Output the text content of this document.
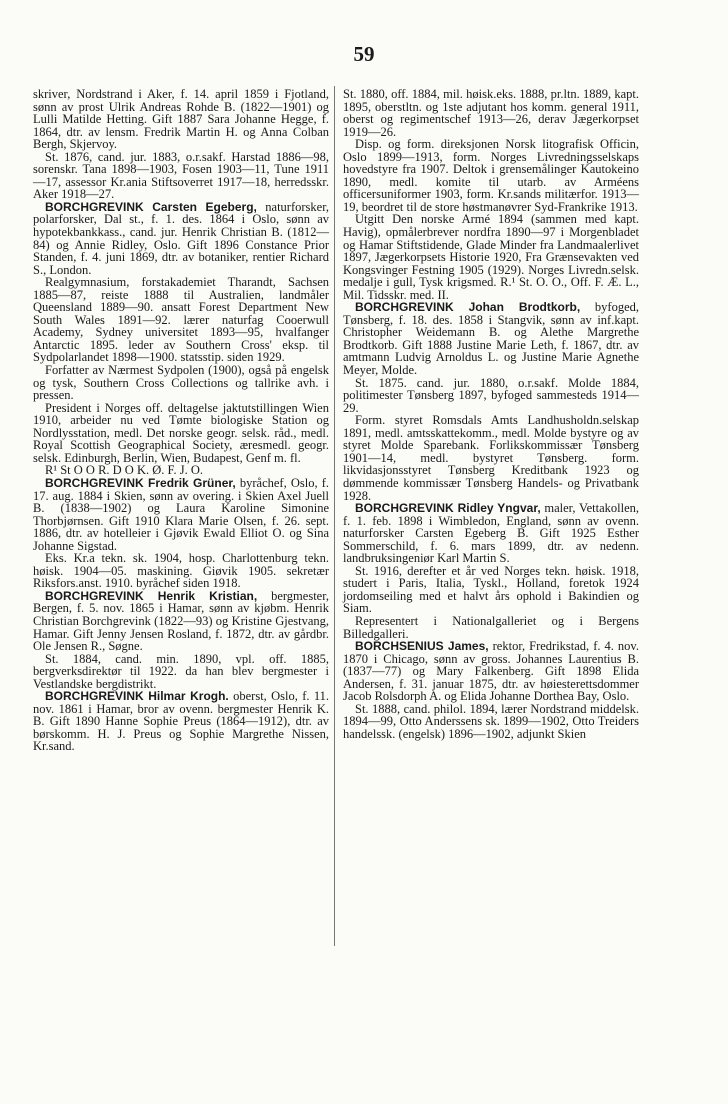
59

skriver, Nordstrand i Aker, f. 14. april 1859 i Fjotland, sønn av prost Ulrik Andreas Rohde B. (1822—1901) og Lulli Matilde Hetting. Gift 1887 Sara Johanne Hegge, f. 1864, dtr. av lensm. Fredrik Martin H. og Anna Colban Bergh, Skjervoy.

St. 1876, cand. jur. 1883, o.r.sakf. Harstad 1886—98, sorenskr. Tana 1898—1903, Fosen 1903—11, Tune 1911—17, assessor Kr.ania Stiftsoverret 1917—18, herredsskr. Aker 1918—27.

BORCHGREVINK Carsten Egeberg, naturforsker, polarforsker, Dal st., f. 1. des. 1864 i Oslo, sønn av hypotekbankkass., cand. jur. Henrik Christian B. (1812—84) og Annie Ridley, Oslo. Gift 1896 Constance Prior Standen, f. 4. juni 1869, dtr. av botaniker, rentier Richard S., London.

Realgymnasium, forstakademiet Tharandt, Sachsen 1885—87, reiste 1888 til Australien, landmåler Queensland 1889—90. ansatt Forest Department New South Wales 1891—92. lærer naturfag Cooerwull Academy, Sydney universitet 1893—95, hvalfanger Antarctic 1895. leder av Southern Cross' eksp. til Sydpolarlandet 1898—1900. statsstip. siden 1929.

Forfatter av Nærmest Sydpolen (1900), også på engelsk og tysk, Southern Cross Collections og tallrike avh. i pressen.

President i Norges off. deltagelse jaktutstillingen Wien 1910, arbeider nu ved Tømte biologiske Station og Nordlysstation, medl. Det norske geogr. selsk. råd., medl. Royal Scottish Geographical Society, æresmedl. geogr. selsk. Edinburgh, Berlin, Wien, Budapest, Genf m. fl.

R¹ St O O R. D O K. Ø. F. J. O.

BORCHGREVINK Fredrik Grüner, byråchef, Oslo, f. 17. aug. 1884 i Skien, sønn av overing. i Skien Axel Juell B. (1838—1902) og Laura Karoline Simonine Thorbjørnsen. Gift 1910 Klara Marie Olsen, f. 26. sept. 1886, dtr. av hotelleier i Gjøvik Ewald Elliot O. og Sina Johanne Sigstad.

Eks. Kr.a tekn. sk. 1904, hosp. Charlottenburg tekn. høisk. 1904—05. maskining. Giøvik 1905. sekretær Riksfors.anst. 1910. byråchef siden 1918.

BORCHGREVINK Henrik Kristian, bergmester, Bergen, f. 5. nov. 1865 i Hamar, sønn av kjøbm. Henrik Christian Borchgrevink (1822—93) og Kristine Gjestvang, Hamar. Gift Jenny Jensen Rosland, f. 1872, dtr. av gårdbr. Ole Jensen R., Søgne.

St. 1884, cand. min. 1890, vpl. off. 1885, bergverksdirektør til 1922. da han blev bergmester i Vestlandske bergdistrikt.

BORCHGREVINK Hilmar Krogh. oberst, Oslo, f. 11. nov. 1861 i Hamar, bror av ovenn. bergmester Henrik K. B. Gift 1890 Hanne Sophie Preus (1864—1912), dtr. av børskomm. H. J. Preus og Sophie Margrethe Nissen, Kr.sand.

St. 1880, off. 1884, mil. høisk.eks. 1888, pr.ltn. 1889, kapt. 1895, oberstltn. og 1ste adjutant hos komm. general 1911, oberst og regimentschef 1913—26, derav Jægerkorpset 1919—26.

Disp. og form. direksjonen Norsk litografisk Officin, Oslo 1899—1913, form. Norges Livredningsselskaps hovedstyre fra 1907. Deltok i grensemålinger Kautokeino 1890, medl. komite til utarb. av Arméens officersuniformer 1903, form. Kr.sands militærfor. 1913—19, beordret til de store høstmanøvrer Syd-Frankrike 1913.

Utgitt Den norske Armé 1894 (sammen med kapt. Havig), opmålerbrever nordfra 1890—97 i Morgenbladet og Hamar Stiftstidende, Glade Minder fra Landmaalerlivet 1897, Jægerkorpsets Historie 1920, Fra Grænsevakten ved Kongsvinger Festning 1905 (1929). Norges Livredn.selsk. medalje i gull, Tysk krigsmed. R.¹ St. O. O., Off. F. Æ. L., Mil. Tidsskr. med. II.

BORCHGREVINK Johan Brodtkorb, byfoged, Tønsberg, f. 18. des. 1858 i Stangvik, sønn av inf.kapt. Christopher Weidemann B. og Alethe Margrethe Brodtkorb. Gift 1888 Justine Marie Leth, f. 1867, dtr. av amtmann Ludvig Arnoldus L. og Justine Marie Agnethe Meyer, Molde.

St. 1875. cand. jur. 1880, o.r.sakf. Molde 1884, politimester Tønsberg 1897, byfoged sammesteds 1914—29.

Form. styret Romsdals Amts Landhusholdn.selskap 1891, medl. amtsskattekomm., medl. Molde bystyre og av styret Molde Sparebank. Forlikskommissær Tønsberg 1901—14, medl. bystyret Tønsberg. form. likvidasjonsstyret Tønsberg Kreditbank 1923 og dømmende kommissær Tønsberg Handels- og Privatbank 1928.

BORCHGREVINK Ridley Yngvar, maler, Vettakollen, f. 1. feb. 1898 i Wimbledon, England, sønn av ovenn. naturforsker Carsten Egeberg B. Gift 1925 Esther Sommerschild, f. 6. mars 1899, dtr. av nedenn. landbruksingeniør Karl Martin S.

St. 1916, derefter et år ved Norges tekn. høisk. 1918, studert i Paris, Italia, Tyskl., Holland, foretok 1924 jordomseiling med et halvt års ophold i Bakindien og Siam.

Representert i Nationalgalleriet og i Bergens Billedgalleri.

BORCHSENIUS James, rektor, Fredrikstad, f. 4. nov. 1870 i Chicago, sønn av gross. Johannes Laurentius B. (1837—77) og Mary Falkenberg. Gift 1898 Elida Andersen, f. 31. januar 1875, dtr. av høiesterettsdommer Jacob Rolsdorph A. og Elida Johanne Dorthea Bay, Oslo.

St. 1888, cand. philol. 1894, lærer Nordstrand middelsk. 1894—99, Otto Anderssens sk. 1899—1902, Otto Treiders handelssk. (engelsk) 1896—1902, adjunkt Skien
